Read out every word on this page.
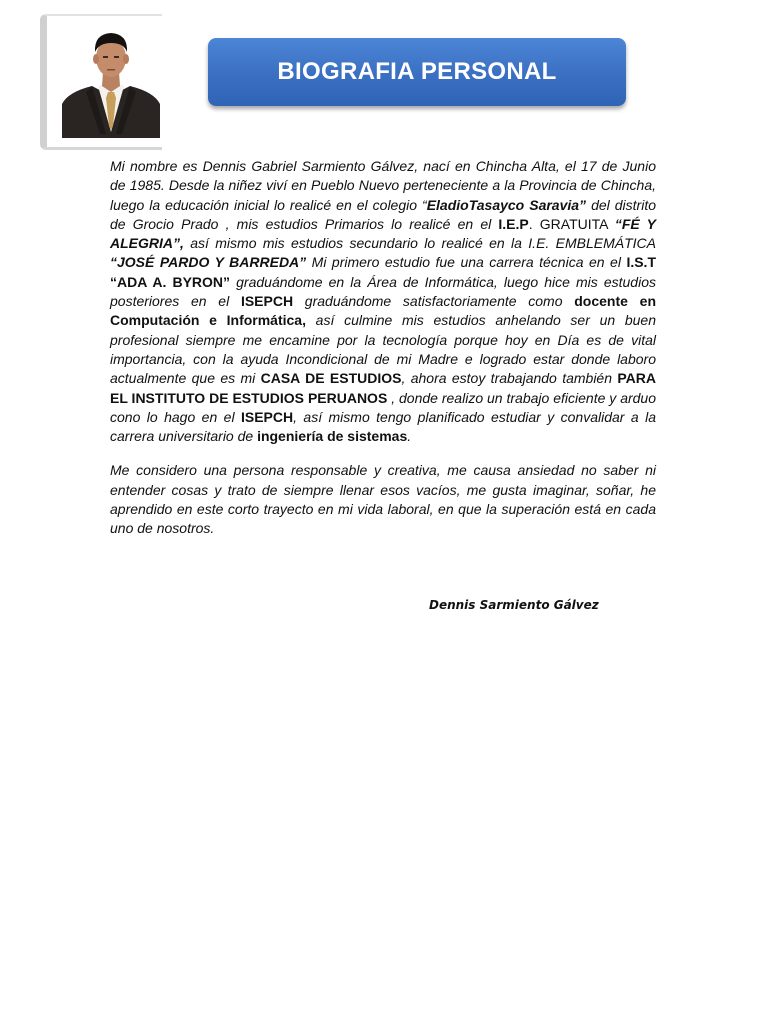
BIOGRAFIA PERSONAL

Mi nombre es Dennis Gabriel Sarmiento Gálvez, nací en Chincha Alta, el 17 de Junio de 1985. Desde la niñez viví en Pueblo Nuevo perteneciente a la Provincia de Chincha, luego la educación inicial lo realicé en el colegio “EladioTasayco Saravia” del distrito de Grocio Prado , mis estudios Primarios lo realicé en el I.E.P. GRATUITA “FÉ Y ALEGRIA”, así mismo mis estudios secundario lo realicé en la I.E. EMBLEMÁTICA “JOSÉ PARDO Y BARREDA” Mi primero estudio fue una carrera técnica en el I.S.T “ADA A. BYRON” graduándome en la Área de Informática, luego hice mis estudios posteriores en el ISEPCH graduándome satisfactoriamente como docente en Computación e Informática, así culmine mis estudios anhelando ser un buen profesional siempre me encamine por la tecnología porque hoy en Día es de vital importancia, con la ayuda Incondicional de mi Madre e logrado estar donde laboro actualmente que es mi CASA DE ESTUDIOS, ahora estoy trabajando también PARA EL INSTITUTO DE ESTUDIOS PERUANOS , donde realizo un trabajo eficiente y arduo cono lo hago en el ISEPCH, así mismo tengo planificado estudiar y convalidar a la carrera universitario de ingeniería de sistemas.

Me considero una persona responsable y creativa, me causa ansiedad no saber ni entender cosas y trato de siempre llenar esos vacíos, me gusta imaginar, soñar, he aprendido en este corto trayecto en mi vida laboral, en que la superación está en cada uno de nosotros.

Dennis Sarmiento Gálvez
